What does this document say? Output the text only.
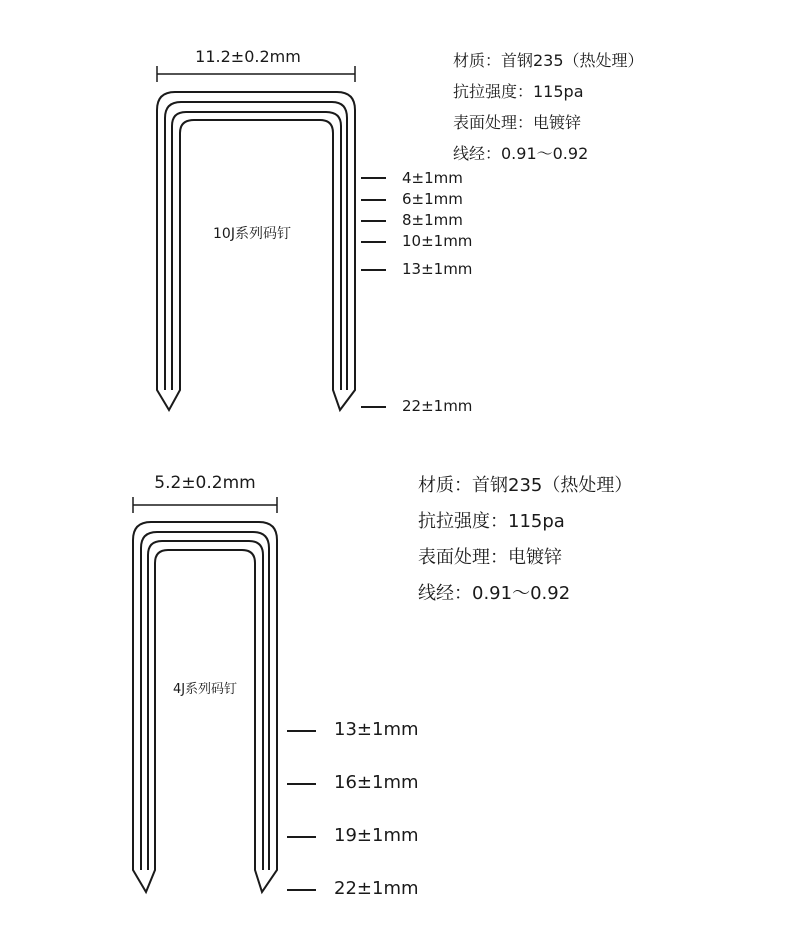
11.2±0.2mm
10J系列码钉
材质：首钢235（热处理）
抗拉强度：115pa
表面处理：电镀锌
线经：0.91～0.92
4±1mm
6±1mm
8±1mm
10±1mm
13±1mm
22±1mm
5.2±0.2mm
4J系列码钉
材质：首钢235（热处理）
抗拉强度：115pa
表面处理：电镀锌
线经：0.91～0.92
13±1mm
16±1mm
19±1mm
22±1mm
